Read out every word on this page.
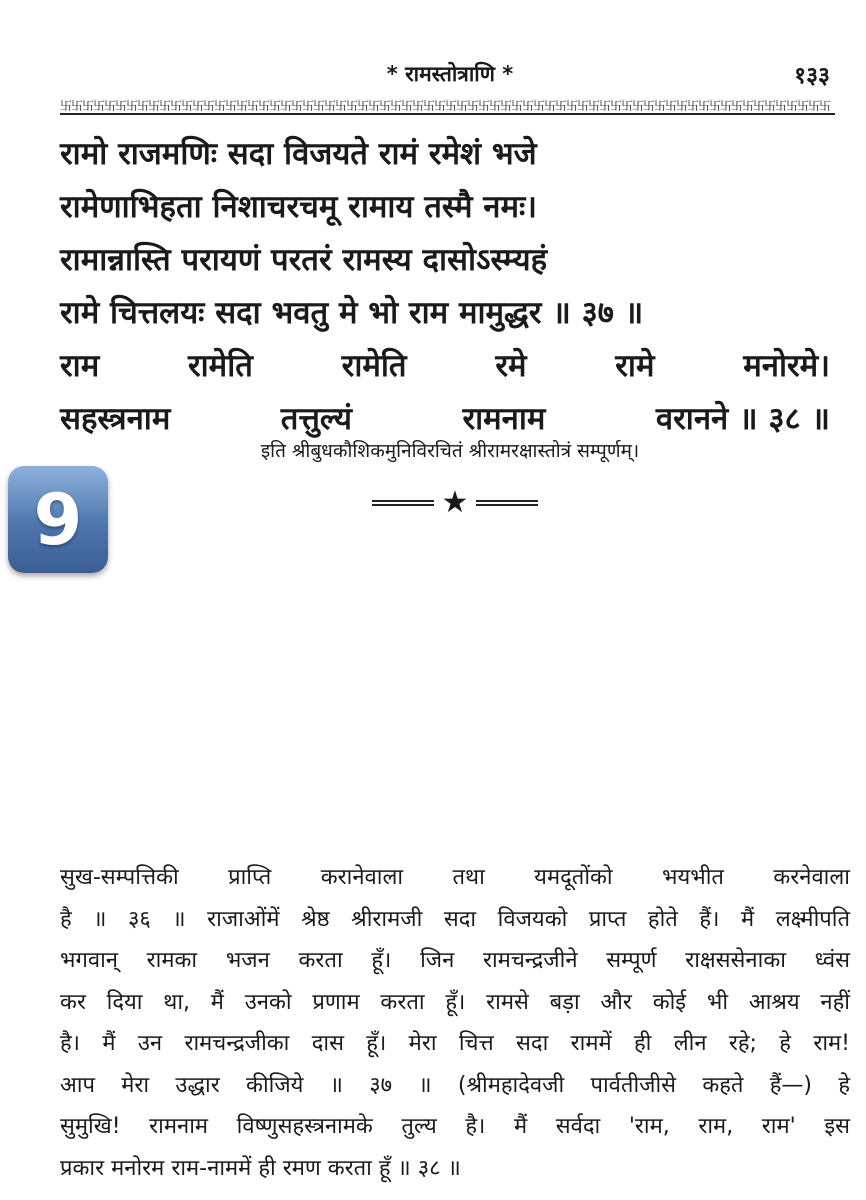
* रामस्तोत्राणि *	१३३
卐卐卐卐卐卐卐卐卐卐卐卐卐卐卐卐卐卐卐卐卐卐卐卐卐卐卐卐卐卐卐卐卐卐卐卐卐卐卐卐卐卐卐卐卐卐卐卐卐卐卐卐卐卐卐卐卐卐卐卐卐卐卐卐卐卐卐卐卐卐
रामो राजमणिः सदा विजयते रामं रमेशं भजे
रामेणाभिहता निशाचरचमू रामाय तस्मै नमः।
रामान्नास्ति परायणं परतरं रामस्य दासोऽस्म्यहं
रामे चित्तलयः सदा भवतु मे भो राम मामुद्धर ॥ ३७ ॥
राम	रामेति	रामेति	रमे	रामे	मनोरमे।
सहस्त्रनाम	तत्तुल्यं	रामनाम	वरानने ॥ ३८ ॥
इति श्रीबुधकौशिकमुनिविरचितं श्रीरामरक्षास्तोत्रं सम्पूर्णम्।
★
9
सुख-सम्पत्तिकी प्राप्ति करानेवाला तथा यमदूतोंको भयभीत करनेवाला
है ॥ ३६ ॥ राजाओंमें श्रेष्ठ श्रीरामजी सदा विजयको प्राप्त होते हैं। मैं लक्ष्मीपति
भगवान् रामका भजन करता हूँ। जिन रामचन्द्रजीने सम्पूर्ण राक्षससेनाका ध्वंस
कर दिया था, मैं उनको प्रणाम करता हूँ। रामसे बड़ा और कोई भी आश्रय नहीं
है। मैं उन रामचन्द्रजीका दास हूँ। मेरा चित्त सदा राममें ही लीन रहे; हे राम!
आप मेरा उद्धार कीजिये ॥ ३७ ॥ (श्रीमहादेवजी पार्वतीजीसे कहते हैं—) हे
सुमुखि! रामनाम विष्णुसहस्त्रनामके तुल्य है। मैं सर्वदा 'राम, राम, राम' इस
प्रकार मनोरम राम-नाममें ही रमण करता हूँ ॥ ३८ ॥
